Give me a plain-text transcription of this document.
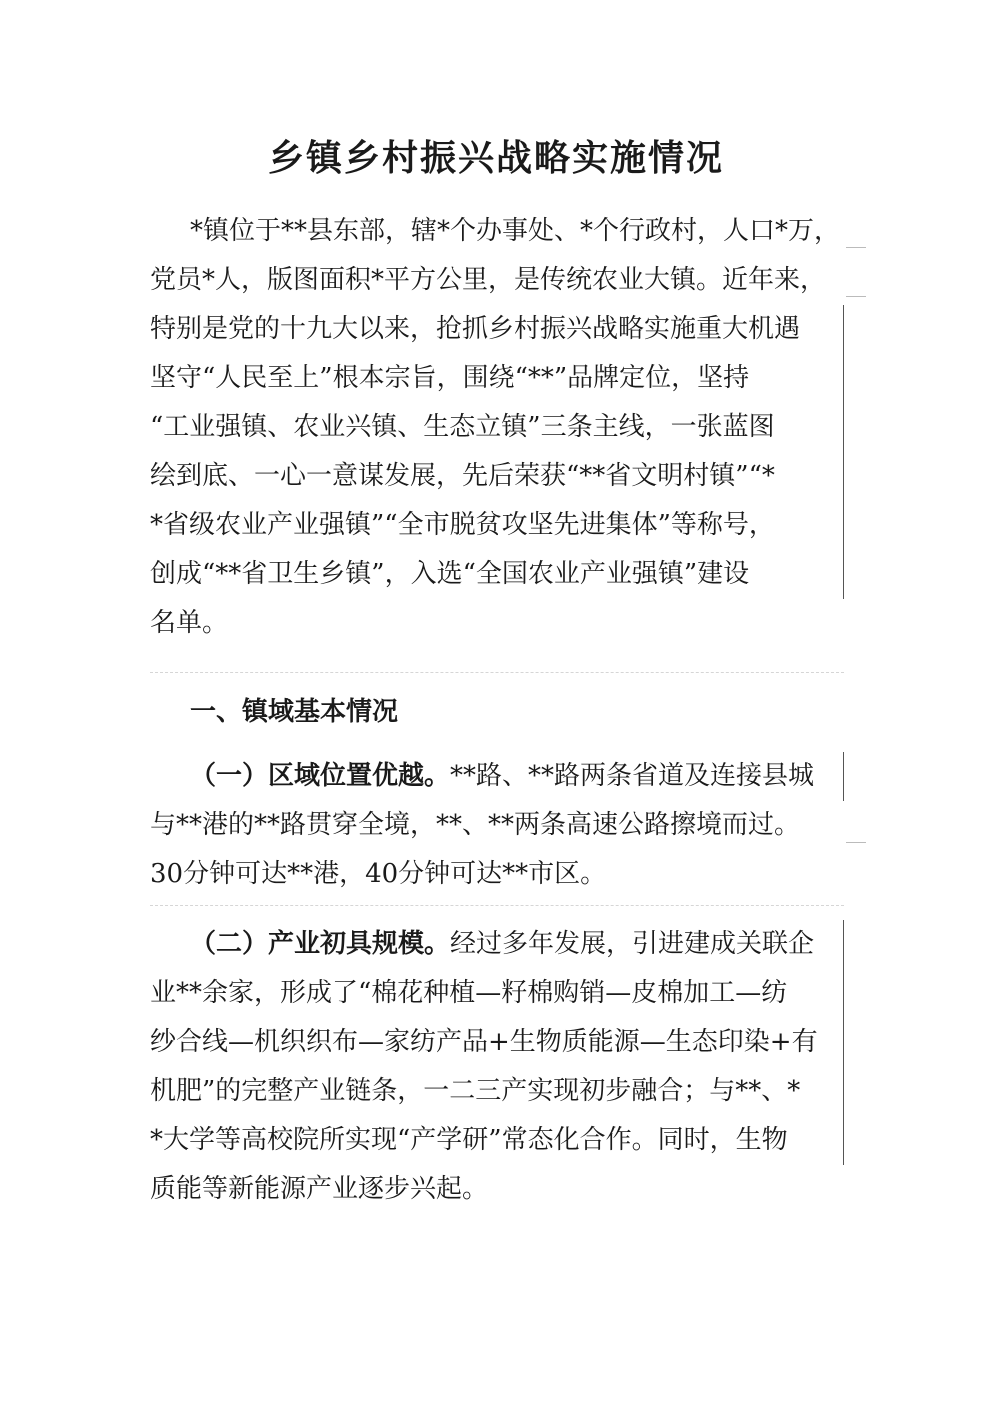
乡镇乡村振兴战略实施情况
*镇位于**县东部，辖*个办事处、*个行政村，人口*万，
党员*人，版图面积*平方公里，是传统农业大镇。近年来，
特别是党的十九大以来，抢抓乡村振兴战略实施重大机遇
坚守“人民至上”根本宗旨，围绕“**”品牌定位，坚持
“工业强镇、农业兴镇、生态立镇”三条主线，一张蓝图
绘到底、一心一意谋发展，先后荣获“**省文明村镇”“*
*省级农业产业强镇”“全市脱贫攻坚先进集体”等称号，
创成“**省卫生乡镇”，入选“全国农业产业强镇”建设
名单。
一、镇域基本情况
（一）区域位置优越。**路、**路两条省道及连接县城
与**港的**路贯穿全境，**、**两条高速公路擦境而过。
30分钟可达**港，40分钟可达**市区。
（二）产业初具规模。经过多年发展，引进建成关联企
业**余家，形成了“棉花种植—籽棉购销—皮棉加工—纺
纱合线—机织织布—家纺产品+生物质能源—生态印染+有
机肥”的完整产业链条，一二三产实现初步融合；与**、*
*大学等高校院所实现“产学研”常态化合作。同时，生物
质能等新能源产业逐步兴起。
